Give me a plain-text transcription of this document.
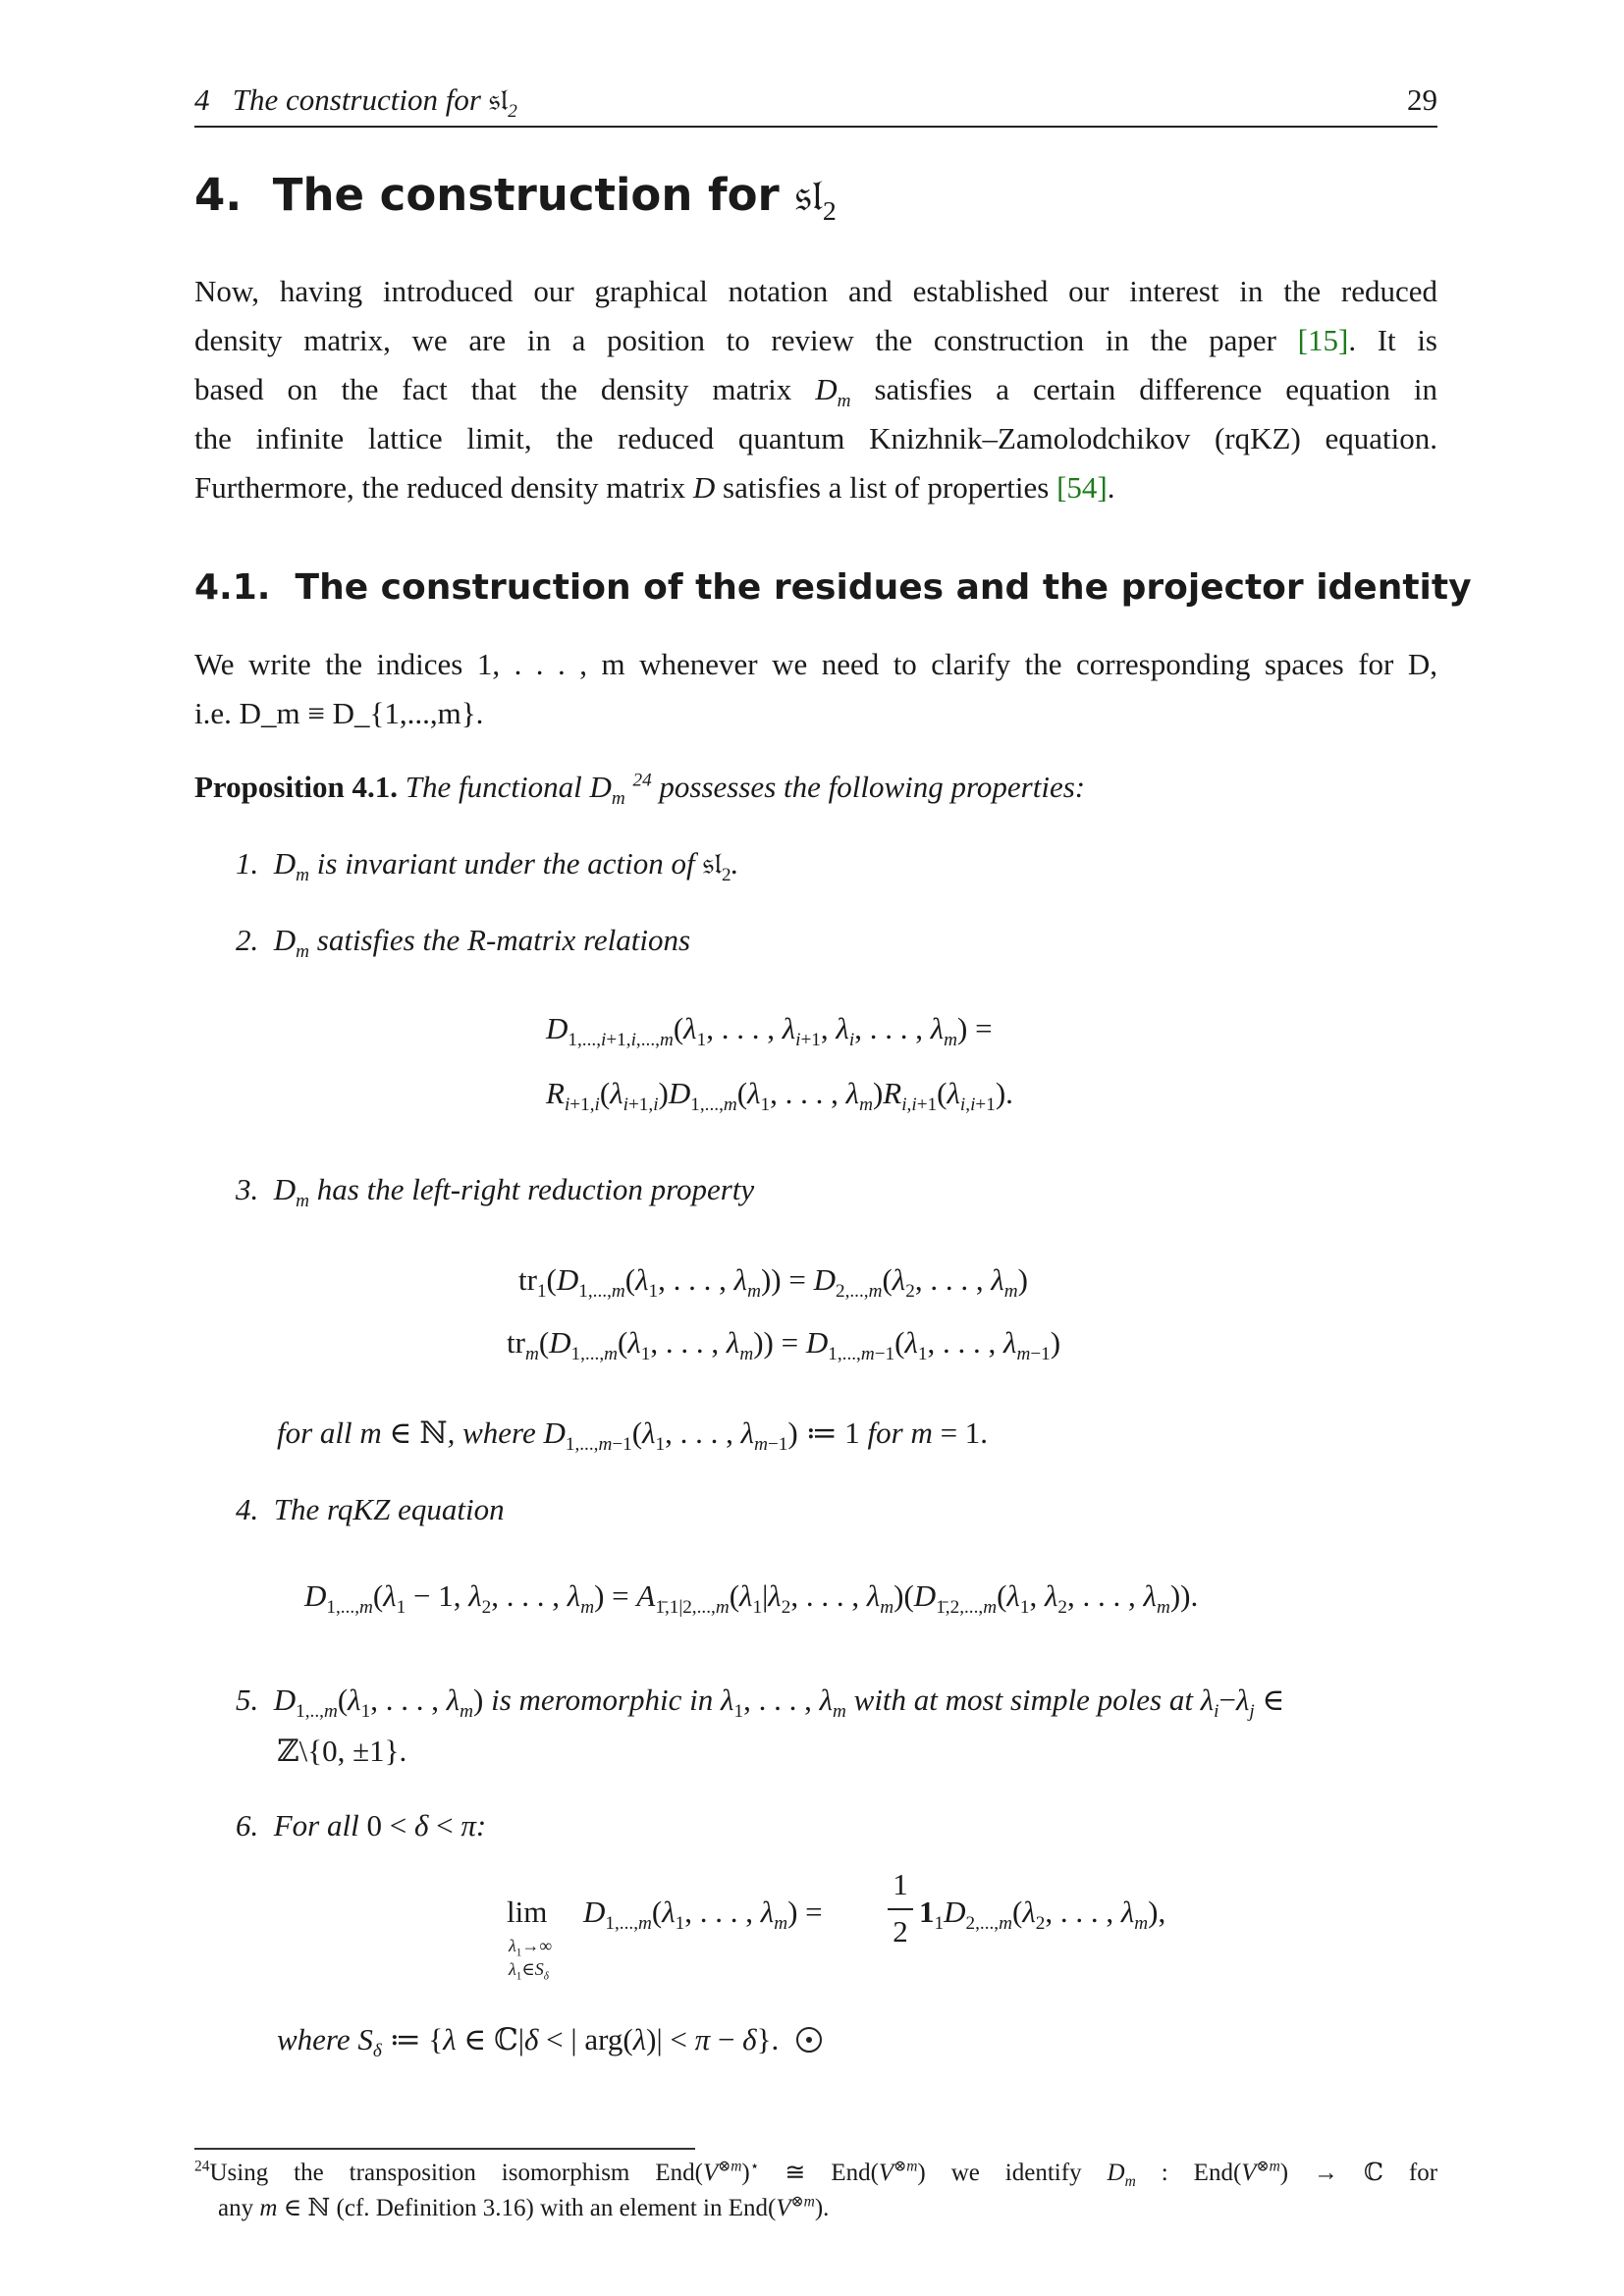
4 The construction for 𝔰𝔩$_2$	29
4. The construction for 𝔰𝔩$_2$
Now, having introduced our graphical notation and established our interest in the reduced
density matrix, we are in a position to review the construction in the paper [15]. It is
based on the fact that the density matrix $D_m$ satisfies a certain difference equation in
the infinite lattice limit, the reduced quantum Knizhnik–Zamolodchikov (rqKZ) equation.
Furthermore, the reduced density matrix D satisfies a list of properties [54].
4.1. The construction of the residues and the projector identity
We write the indices 1, . . . , m whenever we need to clarify the corresponding spaces for D,
i.e. D_m ≡ D_{1,...,m}.
Proposition 4.1. The functional $D_m$ $^{24}$ possesses the following properties:
1. $D_m$ is invariant under the action of 𝔰𝔩$_2$.
2. $D_m$ satisfies the R-matrix relations
$D_{1,...,i+1,i,...,m}(\lambda_1$, . . . , $\lambda_{i+1}$, $\lambda_i$, . . . , $\lambda_m$) =
$R_{i+1,i}(\lambda_{i+1,i})D_{1,...,m}(\lambda_1$, . . . , $\lambda_m)R_{i,i+1}(\lambda_{i,i+1})$.
3. $D_m$ has the left-right reduction property
$tr_1(D_{1,...,m}(\lambda_1$, . . . , $\lambda_m)) = D_{2,...,m}(\lambda_2$, . . . , $\lambda_m$)
$tr_m(D_{1,...,m}(\lambda_1$, . . . , $\lambda_m)) = D_{1,...,m-1}(\lambda_1$, . . . , $\lambda_{m-1}$)
for all m ∈ ℕ, where $D_{1,...,m-1}(\lambda_1$, . . . , $\lambda_{m-1}$) ≔ 1 for m = 1.
4. The rqKZ equation
$D_{1,...,m}(\lambda_1 - 1$, $\lambda_2$, . . . , $\lambda_m) = A_{1̄,1|2,...,m}(\lambda_1|\lambda_2$, . . . , $\lambda_m)(D_{1̄,2,...,m}(\lambda_1$, $\lambda_2$, . . . , $\lambda_m$)).
5. $D_{1,..,m}(\lambda_1$, . . . , $\lambda_m$) is meromorphic in $\lambda_1$, . . . , $\lambda_m$ with at most simple poles at $\lambda_i-\lambda_j$ ∈
ℤ\{0, ±1}.
6. For all 0 < δ < π:
lim
$\lambda_1\to\infty$
$\lambda_1\in S_\delta$
$D_{1,...,m}(\lambda_1$, . . . , $\lambda_m$) =
1
2
$1_1D_{2,...,m}(\lambda_2$, . . . , $\lambda_m$),
where $S_\delta$ ≔ {λ ∈ ℂ|δ < | arg(λ)| < π − δ}.
$^{24}$Using the transposition isomorphism $End(V^{\otimes m})^⋆$ ≅ $End(V^{\otimes m})$ we identify $D_m$ : $End(V^{\otimes m})$ → ℂ for
any m ∈ ℕ (cf. Definition 3.16) with an element in $End(V^{\otimes m})$.
